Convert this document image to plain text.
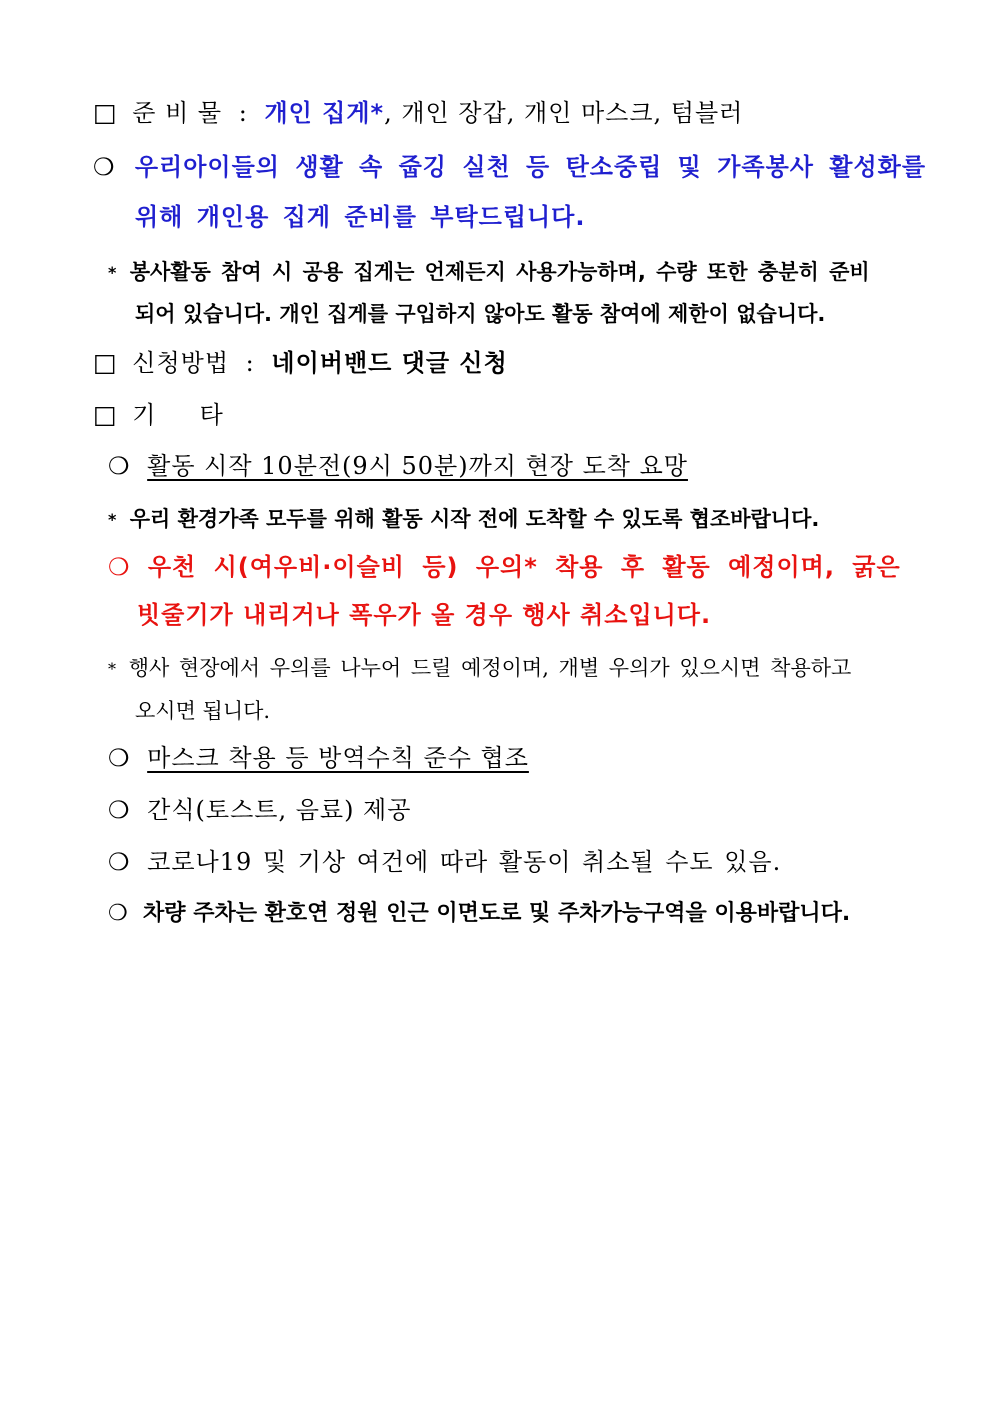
□ 준 비 물 : 개인 집게*, 개인 장갑, 개인 마스크, 텀블러
❍ 우리아이들의 생활 속 줍깅 실천 등 탄소중립 및 가족봉사 활성화를
위해 개인용 집게 준비를 부탁드립니다.
* 봉사활동 참여 시 공용 집게는 언제든지 사용가능하며, 수량 또한 충분히 준비
되어 있습니다. 개인 집게를 구입하지 않아도 활동 참여에 제한이 없습니다.
□ 신청방법 : 네이버밴드 댓글 신청
□ 기     타
❍ 활동 시작 10분전(9시 50분)까지 현장 도착 요망
* 우리 환경가족 모두를 위해 활동 시작 전에 도착할 수 있도록 협조바랍니다.
❍ 우천 시(여우비·이슬비 등) 우의* 착용 후 활동 예정이며, 굵은
빗줄기가 내리거나 폭우가 올 경우 행사 취소입니다.
* 행사 현장에서 우의를 나누어 드릴 예정이며, 개별 우의가 있으시면 착용하고
오시면 됩니다.
❍ 마스크 착용 등 방역수칙 준수 협조
❍ 간식(토스트, 음료) 제공
❍ 코로나19 및 기상 여건에 따라 활동이 취소될 수도 있음.
❍ 차량 주차는 환호연 정원 인근 이면도로 및 주차가능구역을 이용바랍니다.
